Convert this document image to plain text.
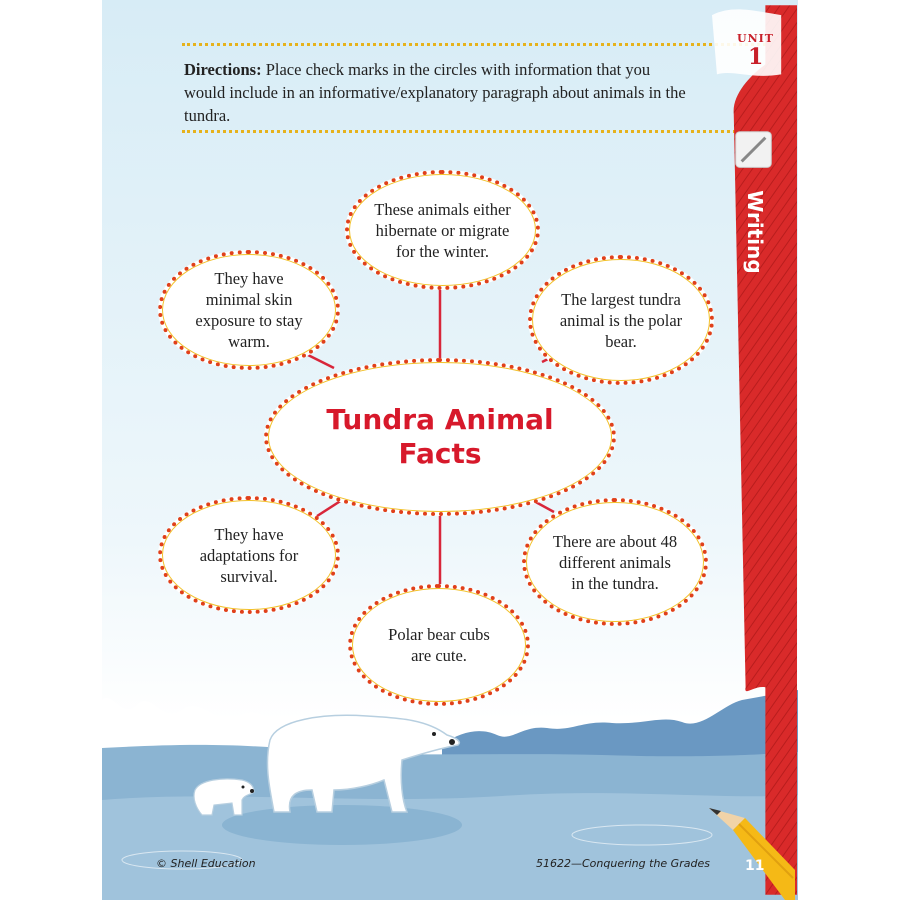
Directions: Place check marks in the circles with information that you would include in an informative/explanatory paragraph about animals in the tundra.
These animals either hibernate or migrate for the winter.
They have minimal skin exposure to stay warm.
The largest tundra animal is the polar bear.
Tundra Animal Facts
They have adaptations for survival.
There are about 48 different animals in the tundra.
Polar bear cubs are cute.
UNIT
1
Writing
© Shell Education	51622—Conquering the Grades	11
